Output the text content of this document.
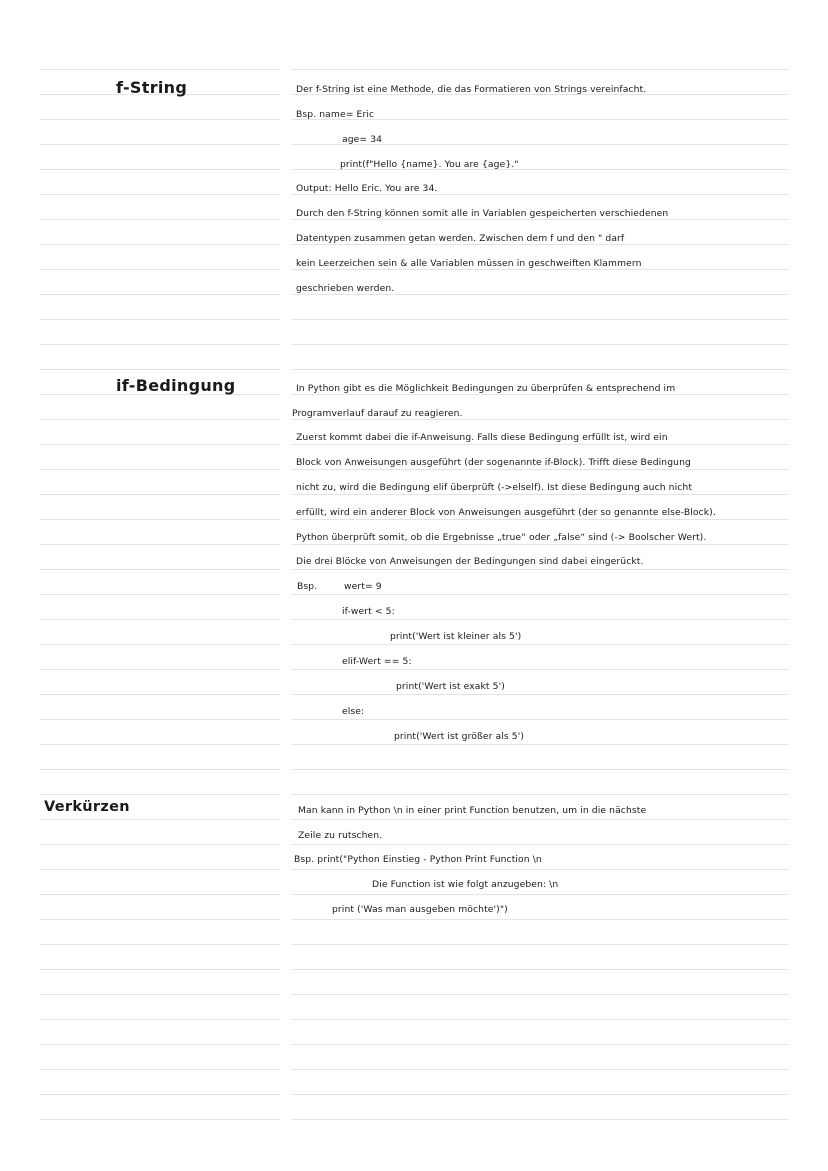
f-String	Der f-String ist eine Methode, die das Formatieren von Strings vereinfacht.
Bsp. name= Eric
age= 34
print(f"Hello {name}. You are {age}."
Output: Hello Eric. You are 34.
Durch den f-String können somit alle in Variablen gespeicherten verschiedenen
Datentypen zusammen getan werden. Zwischen dem f und den " darf
kein Leerzeichen sein & alle Variablen müssen in geschweiften Klammern
geschrieben werden.
if-Bedingung	In Python gibt es die Möglichkeit Bedingungen zu überprüfen & entsprechend im
Programverlauf darauf zu reagieren.
Zuerst kommt dabei die if-Anweisung. Falls diese Bedingung erfüllt ist, wird ein
Block von Anweisungen ausgeführt (der sogenannte if-Block). Trifft diese Bedingung
nicht zu, wird die Bedingung elif überprüft (->elself). Ist diese Bedingung auch nicht
erfüllt, wird ein anderer Block von Anweisungen ausgeführt (der so genannte else-Block).
Python überprüft somit, ob die Ergebnisse „true“ oder „false“ sind (-> Boolscher Wert).
Die drei Blöcke von Anweisungen der Bedingungen sind dabei eingerückt.
Bsp.	wert= 9
if-wert < 5:
print('Wert ist kleiner als 5')
elif-Wert == 5:
print('Wert ist exakt 5')
else:
print('Wert ist größer als 5')
Verkürzen	Man kann in Python \n in einer print Function benutzen, um in die nächste
Zeile zu rutschen.
Bsp. print("Python Einstieg - Python Print Function \n
Die Function ist wie folgt anzugeben: \n
print ('Was man ausgeben möchte')")
